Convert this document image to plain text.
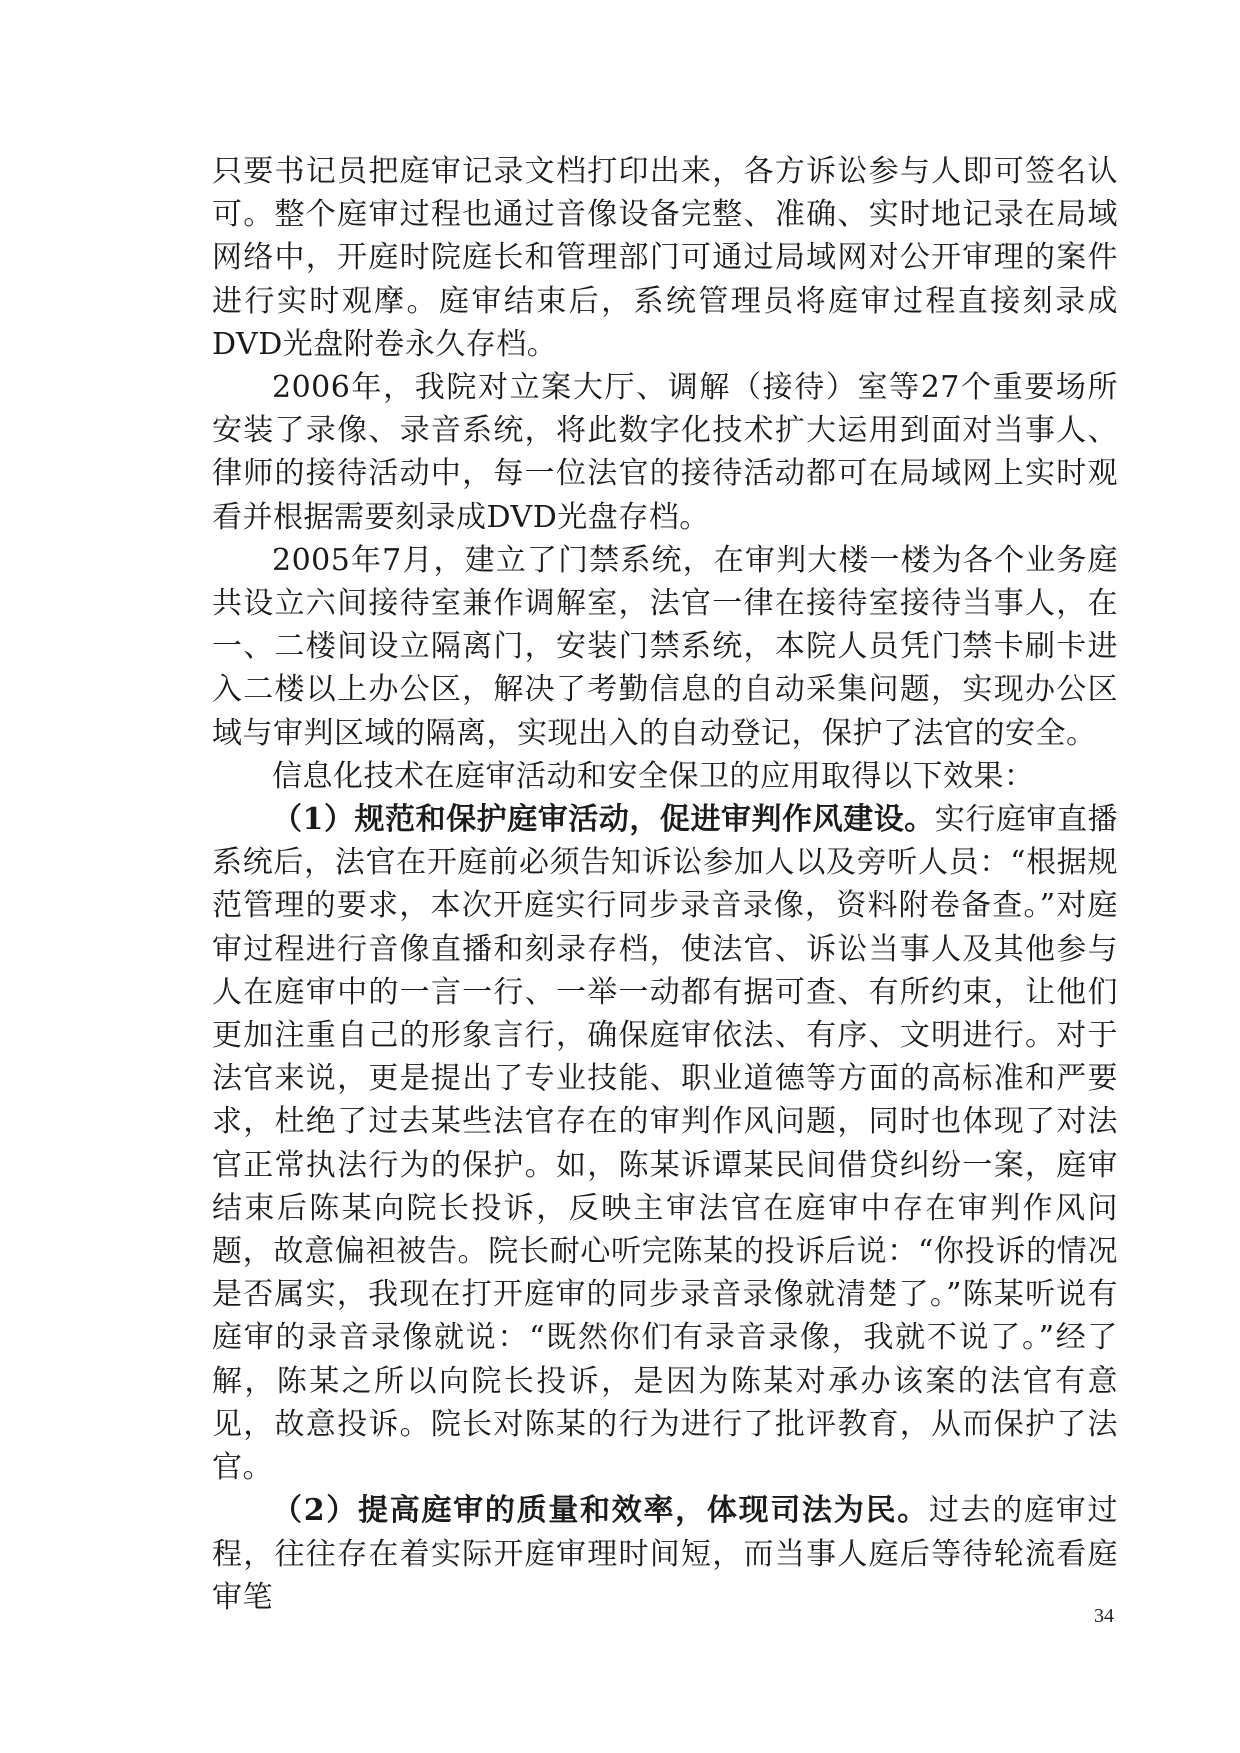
只要书记员把庭审记录文档打印出来，各方诉讼参与人即可签名认可。整个庭审过程也通过音像设备完整、准确、实时地记录在局域网络中，开庭时院庭长和管理部门可通过局域网对公开审理的案件进行实时观摩。庭审结束后，系统管理员将庭审过程直接刻录成DVD光盘附卷永久存档。

2006年，我院对立案大厅、调解（接待）室等27个重要场所安装了录像、录音系统，将此数字化技术扩大运用到面对当事人、律师的接待活动中，每一位法官的接待活动都可在局域网上实时观看并根据需要刻录成DVD光盘存档。

2005年7月，建立了门禁系统，在审判大楼一楼为各个业务庭共设立六间接待室兼作调解室，法官一律在接待室接待当事人，在一、二楼间设立隔离门，安装门禁系统，本院人员凭门禁卡刷卡进入二楼以上办公区，解决了考勤信息的自动采集问题，实现办公区域与审判区域的隔离，实现出入的自动登记，保护了法官的安全。

信息化技术在庭审活动和安全保卫的应用取得以下效果：

（1）规范和保护庭审活动，促进审判作风建设。实行庭审直播系统后，法官在开庭前必须告知诉讼参加人以及旁听人员：“根据规范管理的要求，本次开庭实行同步录音录像，资料附卷备查。”对庭审过程进行音像直播和刻录存档，使法官、诉讼当事人及其他参与人在庭审中的一言一行、一举一动都有据可查、有所约束，让他们更加注重自己的形象言行，确保庭审依法、有序、文明进行。对于法官来说，更是提出了专业技能、职业道德等方面的高标准和严要求，杜绝了过去某些法官存在的审判作风问题，同时也体现了对法官正常执法行为的保护。如，陈某诉谭某民间借贷纠纷一案，庭审结束后陈某向院长投诉，反映主审法官在庭审中存在审判作风问题，故意偏袒被告。院长耐心听完陈某的投诉后说：“你投诉的情况是否属实，我现在打开庭审的同步录音录像就清楚了。”陈某听说有庭审的录音录像就说：“既然你们有录音录像，我就不说了。”经了解，陈某之所以向院长投诉，是因为陈某对承办该案的法官有意见，故意投诉。院长对陈某的行为进行了批评教育，从而保护了法官。

（2）提高庭审的质量和效率，体现司法为民。过去的庭审过程，往往存在着实际开庭审理时间短，而当事人庭后等待轮流看庭审笔

34
